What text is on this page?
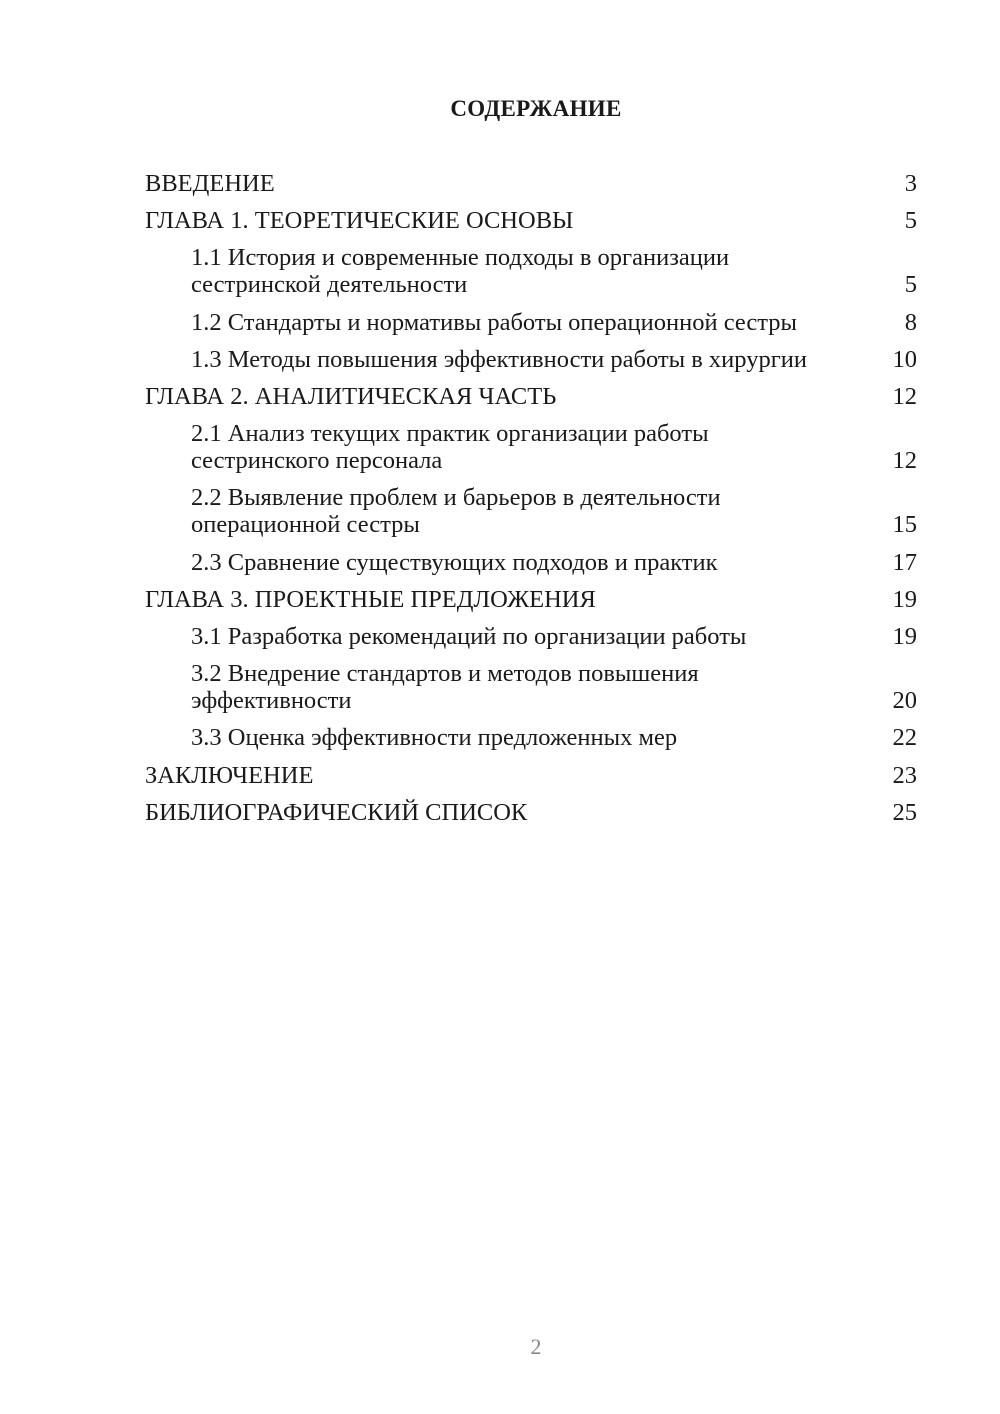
СОДЕРЖАНИЕ
ВВЕДЕНИЕ	3
ГЛАВА 1. ТЕОРЕТИЧЕСКИЕ ОСНОВЫ	5
1.1 История и современные подходы в организации
сестринской деятельности	5
1.2 Стандарты и нормативы работы операционной сестры	8
1.3 Методы повышения эффективности работы в хирургии	10
ГЛАВА 2. АНАЛИТИЧЕСКАЯ ЧАСТЬ	12
2.1 Анализ текущих практик организации работы
сестринского персонала	12
2.2 Выявление проблем и барьеров в деятельности
операционной сестры	15
2.3 Сравнение существующих подходов и практик	17
ГЛАВА 3. ПРОЕКТНЫЕ ПРЕДЛОЖЕНИЯ	19
3.1 Разработка рекомендаций по организации работы	19
3.2 Внедрение стандартов и методов повышения
эффективности	20
3.3 Оценка эффективности предложенных мер	22
ЗАКЛЮЧЕНИЕ	23
БИБЛИОГРАФИЧЕСКИЙ СПИСОК	25
2
